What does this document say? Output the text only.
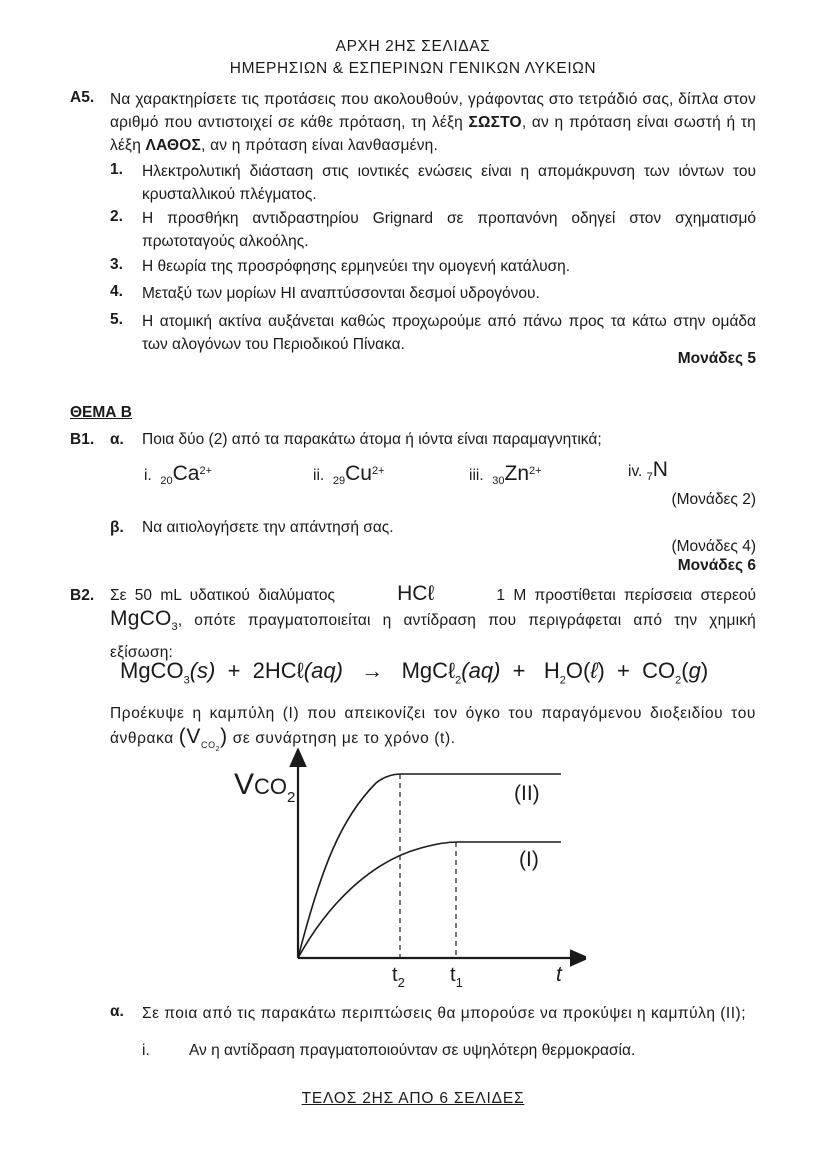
ΑΡΧΗ 2ΗΣ ΣΕΛΙΔΑΣ
ΗΜΕΡΗΣΙΩΝ & ΕΣΠΕΡΙΝΩΝ ΓΕΝΙΚΩΝ ΛΥΚΕΙΩΝ
Α5. Να χαρακτηρίσετε τις προτάσεις που ακολουθούν, γράφοντας στο τετράδιό σας, δίπλα στον αριθμό που αντιστοιχεί σε κάθε πρόταση, τη λέξη ΣΩΣΤΟ, αν η πρόταση είναι σωστή ή τη λέξη ΛΑΘΟΣ, αν η πρόταση είναι λανθασμένη.
1. Ηλεκτρολυτική διάσταση στις ιοντικές ενώσεις είναι η απομάκρυνση των ιόντων του κρυσταλλικού πλέγματος.
2. Η προσθήκη αντιδραστηρίου Grignard σε προπανόνη οδηγεί στον σχηματισμό πρωτοταγούς αλκοόλης.
3. Η θεωρία της προσρόφησης ερμηνεύει την ομογενή κατάλυση.
4. Μεταξύ των μορίων HI αναπτύσσονται δεσμοί υδρογόνου.
5. Η ατομική ακτίνα αυξάνεται καθώς προχωρούμε από πάνω προς τα κάτω στην ομάδα των αλογόνων του Περιοδικού Πίνακα.
Μονάδες 5
ΘΕΜΑ Β
Β1. α. Ποια δύο (2) από τα παρακάτω άτομα ή ιόντα είναι παραμαγνητικά;
i. $_{20}Ca^{2+}$	ii. $_{29}Cu^{2+}$	iii. $_{30}Zn^{2+}$	iv. $_7$N
(Μονάδες 2)
β. Να αιτιολογήσετε την απάντησή σας.
(Μονάδες 4)
Μονάδες 6
Β2. Σε 50 mL υδατικού διαλύματος	HCℓ	1 M προστίθεται περίσσεια στερεού
MgCO$_3$, οπότε πραγματοποιείται η αντίδραση που περιγράφεται από την χημική εξίσωση:
MgCO$_3$(s) + 2HCℓ(aq) → MgCℓ$_2$(aq) + $H_2O(\ell) + CO_2(g)$
Προέκυψε η καμπύλη (Ι) που απεικονίζει τον όγκο του παραγόμενου διοξειδίου του άνθρακα $(V_{CO_2})$ σε συνάρτηση με το χρόνο (t).
$VCO_2$	(II)
(I)
$t_2$ $t_1$	t
α. Σε ποια από τις παρακάτω περιπτώσεις θα μπορούσε να προκύψει η καμπύλη (ΙΙ);
i.	Αν η αντίδραση πραγματοποιούνταν σε υψηλότερη θερμοκρασία.
ΤΕΛΟΣ 2ΗΣ ΑΠΟ 6 ΣΕΛΙΔΕΣ
